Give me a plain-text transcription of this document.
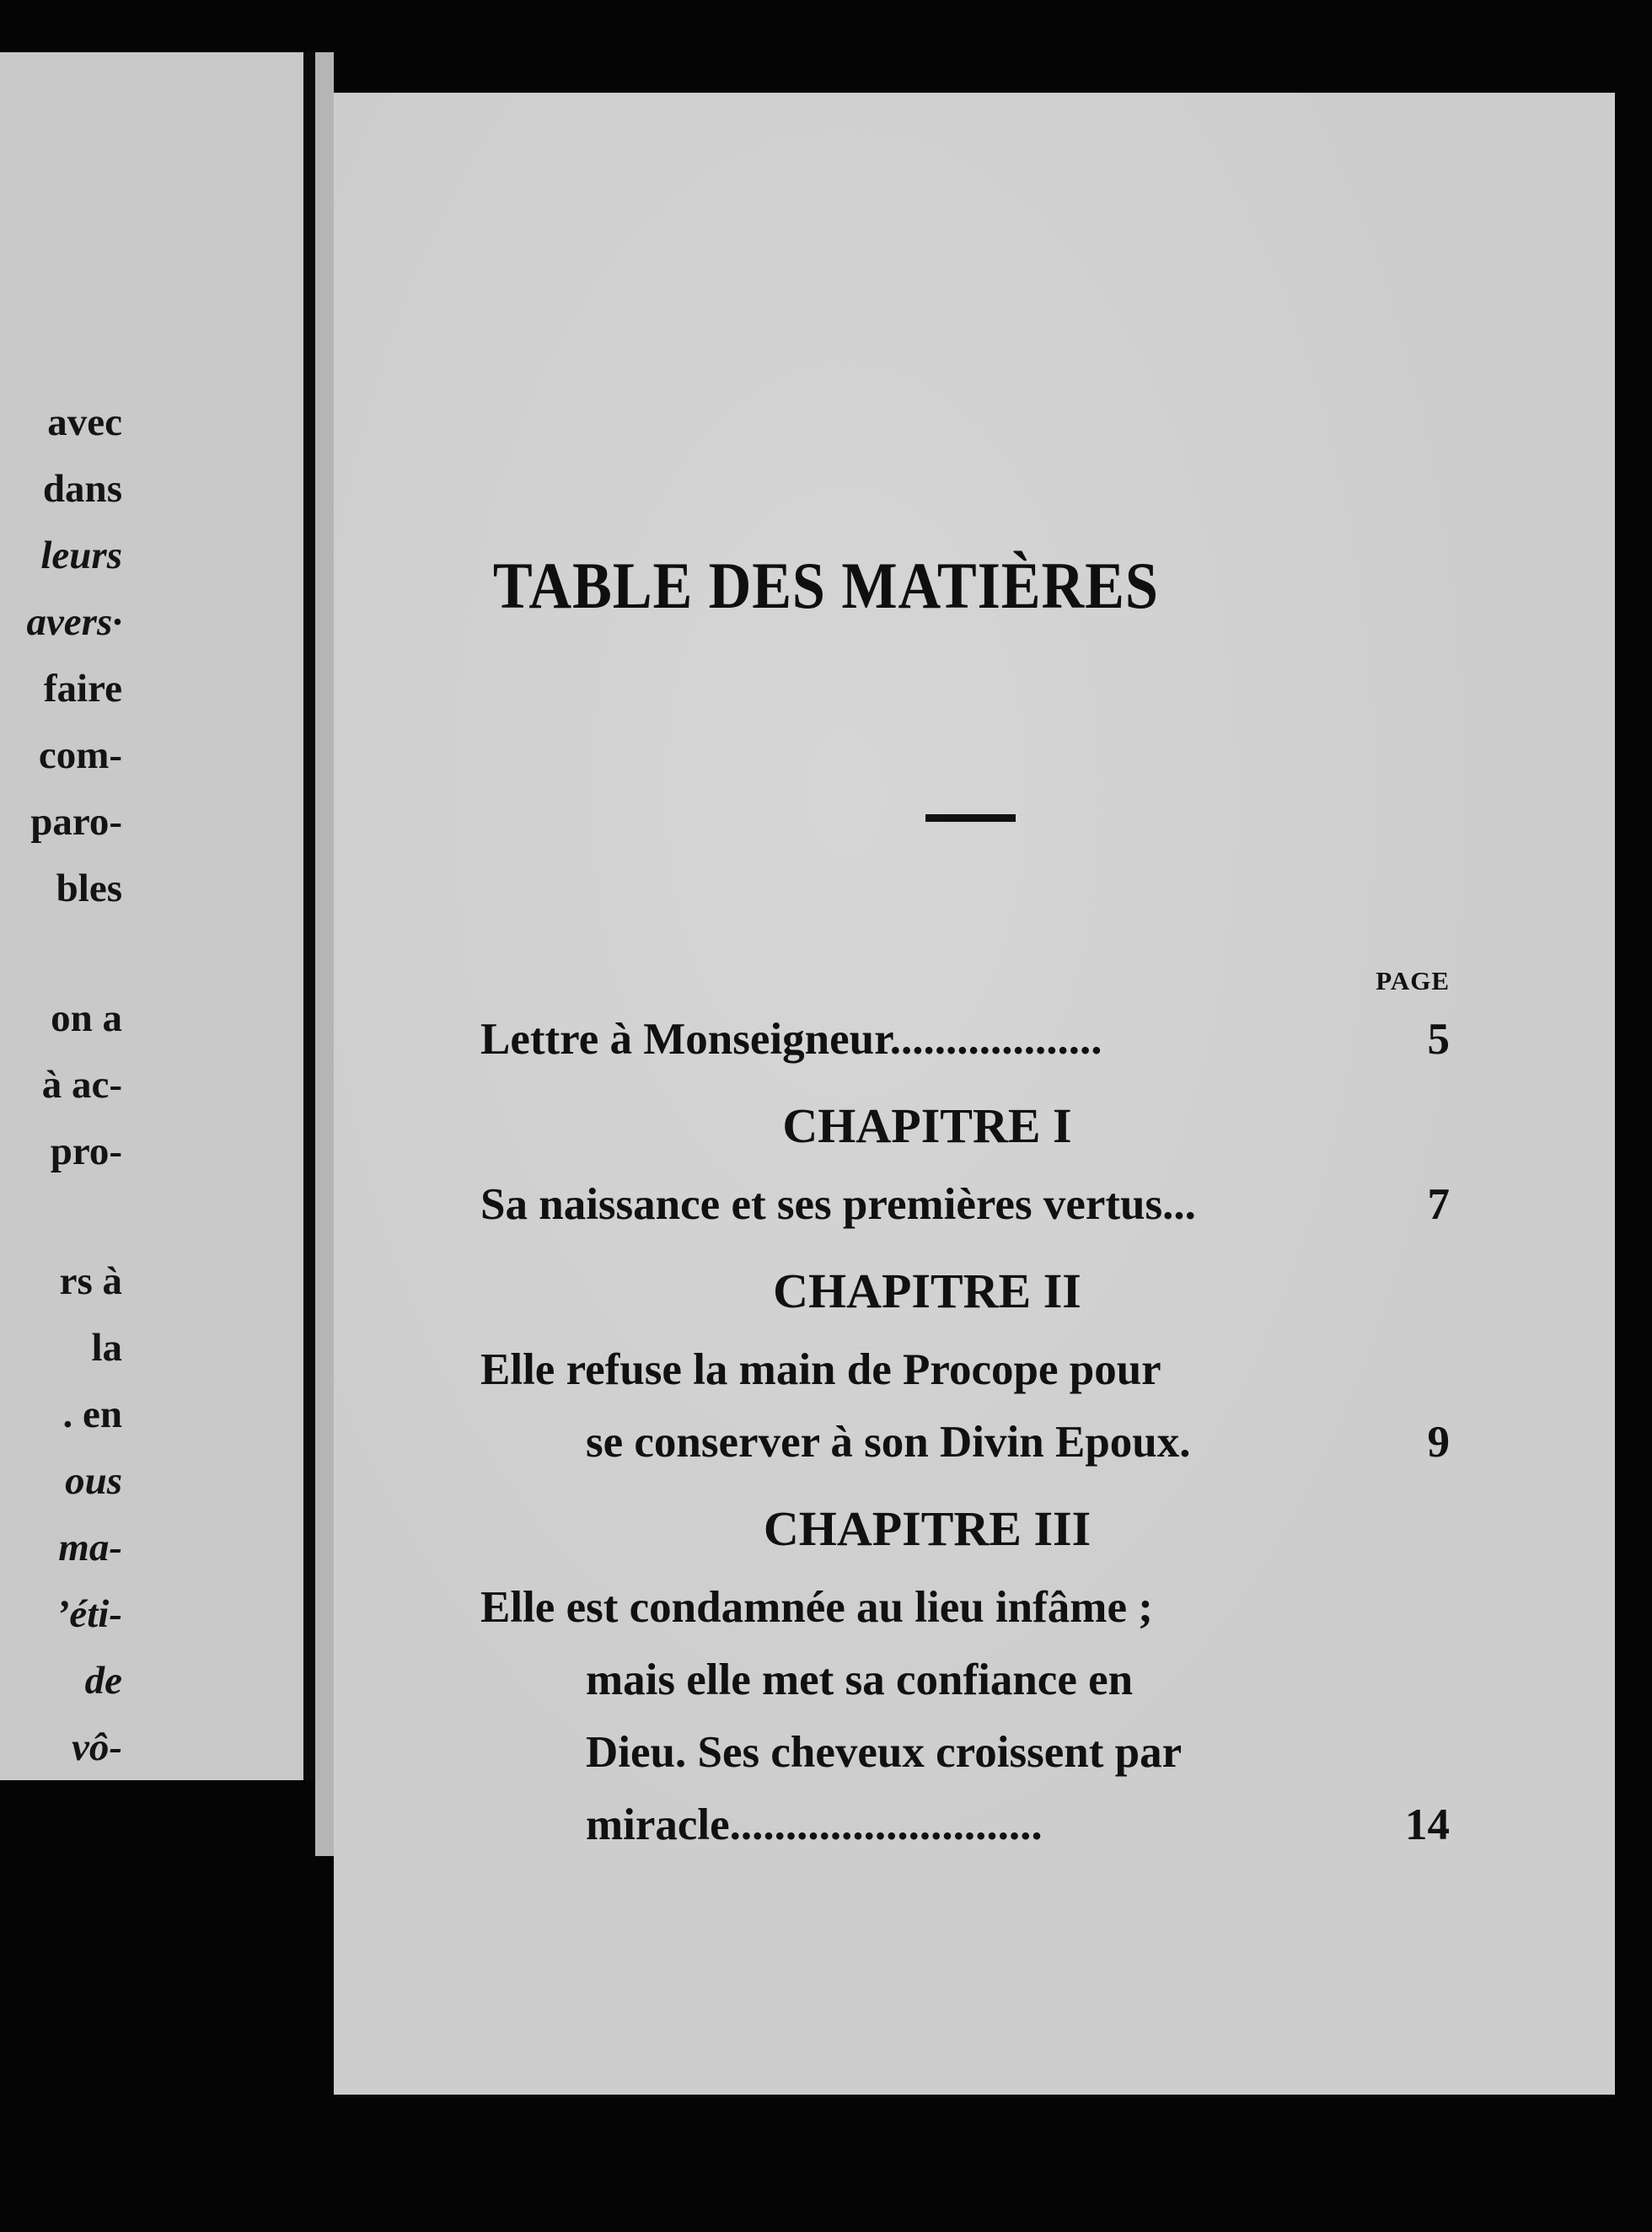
avec
dans
leurs
avers·
faire
com-
paro-
bles
on a
à ac-
pro-
rs à
la
. en
ous
ma-
’éti-
de
vô-
TABLE DES MATIÈRES
PAGE
Lettre à Monseigneur...................	5
CHAPITRE I
Sa naissance et ses premières vertus...	7
CHAPITRE II
Elle refuse la main de Procope pour
se conserver à son Divin Epoux.	9
CHAPITRE III
Elle est condamnée au lieu infâme ;
mais elle met sa confiance en
Dieu. Ses cheveux croissent par
miracle............................	14
